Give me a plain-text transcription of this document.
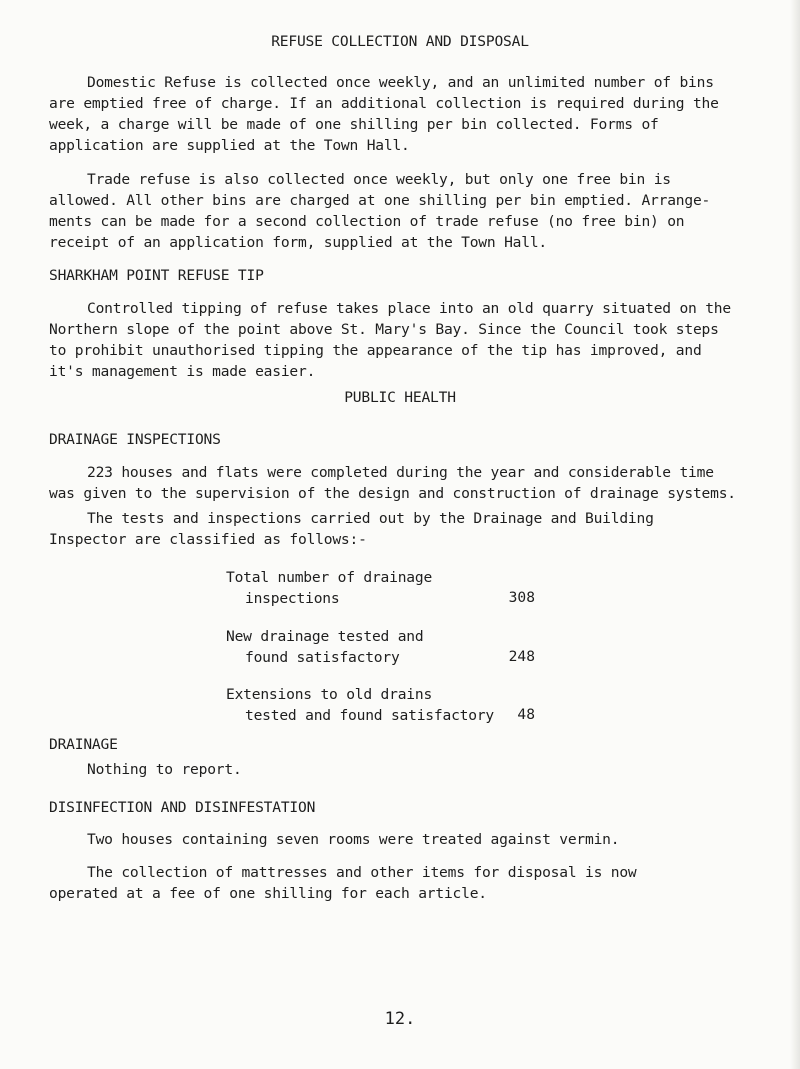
REFUSE COLLECTION AND DISPOSAL
Domestic Refuse is collected once weekly, and an unlimited number of bins
are emptied free of charge. If an additional collection is required during the
week, a charge will be made of one shilling per bin collected. Forms of
application are supplied at the Town Hall.
Trade refuse is also collected once weekly, but only one free bin is
allowed. All other bins are charged at one shilling per bin emptied. Arrange-
ments can be made for a second collection of trade refuse (no free bin) on
receipt of an application form, supplied at the Town Hall.
SHARKHAM POINT REFUSE TIP
Controlled tipping of refuse takes place into an old quarry situated on the
Northern slope of the point above St. Mary's Bay. Since the Council took steps
to prohibit unauthorised tipping the appearance of the tip has improved, and
it's management is made easier.
PUBLIC HEALTH
DRAINAGE INSPECTIONS
223 houses and flats were completed during the year and considerable time
was given to the supervision of the design and construction of drainage systems.
The tests and inspections carried out by the Drainage and Building
Inspector are classified as follows:-
Total number of drainage
inspections	308
New drainage tested and
found satisfactory	248
Extensions to old drains
tested and found satisfactory	48
DRAINAGE
Nothing to report.
DISINFECTION AND DISINFESTATION
Two houses containing seven rooms were treated against vermin.
The collection of mattresses and other items for disposal is now
operated at a fee of one shilling for each article.
12.
